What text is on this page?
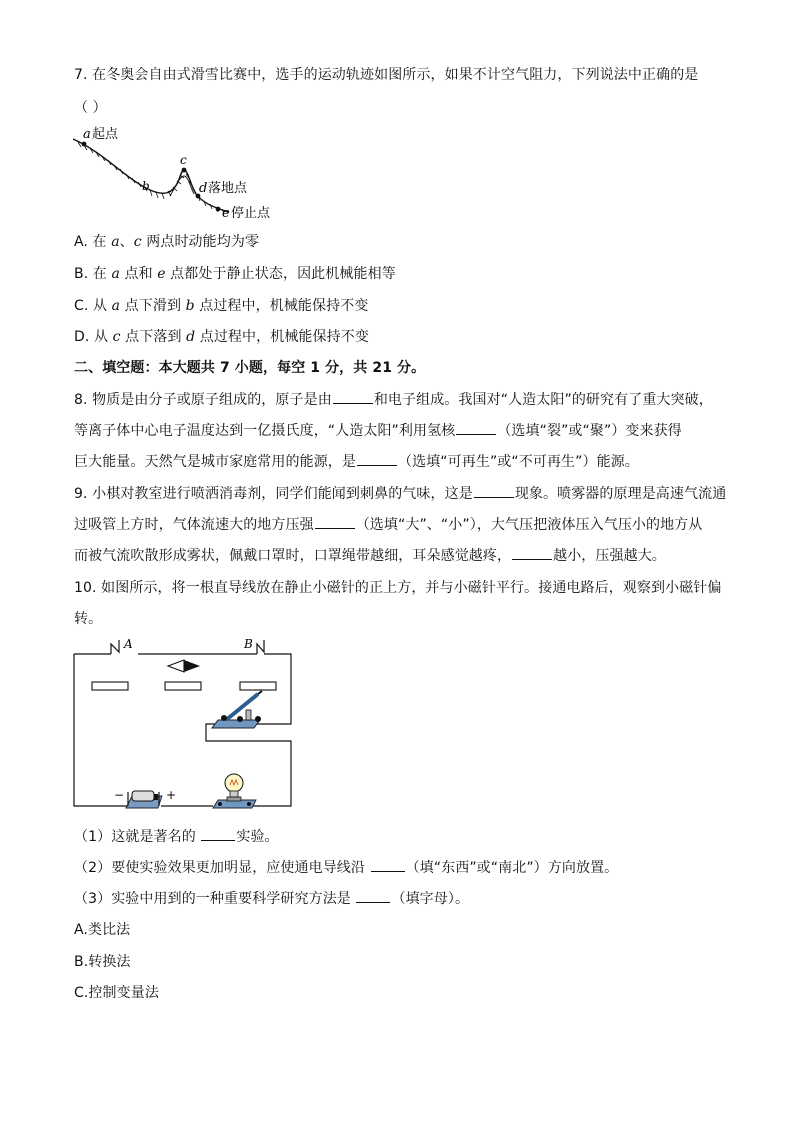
7. 在冬奥会自由式滑雪比赛中，选手的运动轨迹如图所示，如果不计空气阻力，下列说法中正确的是
（ ）
a 起点
b
c
d 落地点
e 停止点
A. 在 a、c 两点时动能均为零
B. 在 a 点和 e 点都处于静止状态，因此机械能相等
C. 从 a 点下滑到 b 点过程中，机械能保持不变
D. 从 c 点下落到 d 点过程中，机械能保持不变
二、填空题：本大题共 7 小题，每空 1 分，共 21 分。
8. 物质是由分子或原子组成的，原子是由	和电子组成。我国对“人造太阳”的研究有了重大突破，
等离子体中心电子温度达到一亿摄氏度，“人造太阳”利用氢核	（选填“裂”或“聚”）变来获得
巨大能量。天然气是城市家庭常用的能源，是	（选填“可再生”或“不可再生”）能源。
9. 小棋对教室进行喷洒消毒剂，同学们能闻到刺鼻的气味，这是	现象。喷雾器的原理是高速气流通
过吸管上方时，气体流速大的地方压强	（选填“大”、“小”），大气压把液体压入气压小的地方从
而被气流吹散形成雾状，佩戴口罩时，口罩绳带越细，耳朵感觉越疼，	越小，压强越大。
10. 如图所示，将一根直导线放在静止小磁针的正上方，并与小磁针平行。接通电路后，观察到小磁针偏
转。
A	B
−	+
（1）这就是著名的	实验。
（2）要使实验效果更加明显，应使通电导线沿	（填“东西”或“南北”）方向放置。
（3）实验中用到的一种重要科学研究方法是	（填字母）。
A.类比法
B.转换法
C.控制变量法
